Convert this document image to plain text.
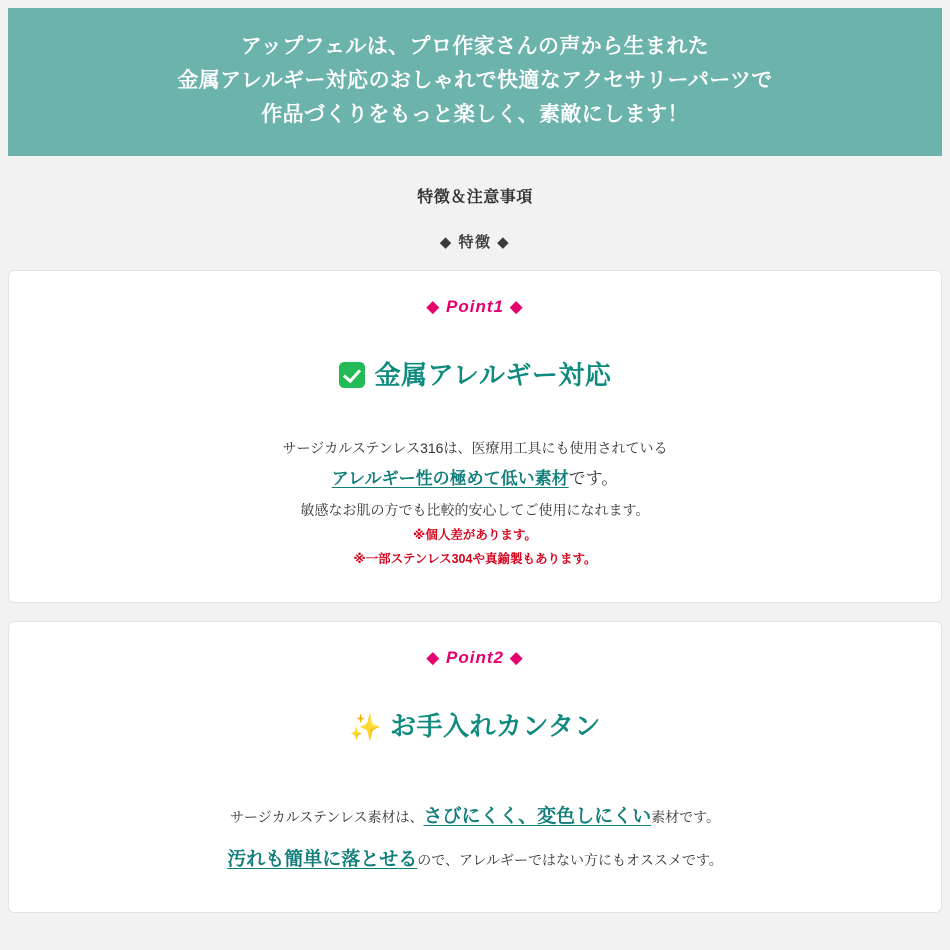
アップフェルは、プロ作家さんの声から生まれた
金属アレルギー対応のおしゃれで快適なアクセサリーパーツで
作品づくりをもっと楽しく、素敵にします！
特徴＆注意事項
◆ 特徴 ◆
◆ Point1 ◆
金属アレルギー対応
サージカルステンレス316は、医療用工具にも使用されている
アレルギー性の極めて低い素材です。
敏感なお肌の方でも比較的安心してご使用になれます。
※個人差があります。
※一部ステンレス304や真鍮製もあります。
◆ Point2 ◆
✨ お手入れカンタン
サージカルステンレス素材は、さびにくく、変色しにくい素材です。
汚れも簡単に落とせるので、アレルギーではない方にもオススメです。
